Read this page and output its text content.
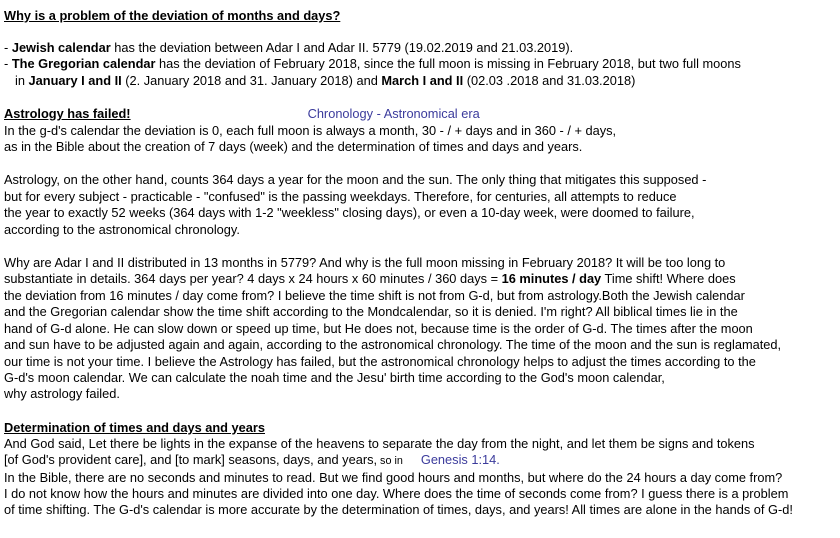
Why is a problem of the deviation of months and days?
- Jewish calendar has the deviation between Adar I and Adar II. 5779 (19.02.2019 and 21.03.2019).
- The Gregorian calendar has the deviation of February 2018, since the full moon is missing in February 2018, but two full moons
in January I and II (2. January 2018 and 31. January 2018) and March I and II (02.03 .2018 and 31.03.2018)
Astrology has failed!	Chronology - Astronomical era
In the g-d's calendar the deviation is 0, each full moon is always a month, 30 - / + days and in 360 - / + days,
as in the Bible about the creation of 7 days (week) and the determination of times and days and years.
Astrology, on the other hand, counts 364 days a year for the moon and the sun. The only thing that mitigates this supposed -
but for every subject - practicable - "confused" is the passing weekdays. Therefore, for centuries, all attempts to reduce
the year to exactly 52 weeks (364 days with 1-2 "weekless" closing days), or even a 10-day week, were doomed to failure,
according to the astronomical chronology.
Why are Adar I and II distributed in 13 months in 5779? And why is the full moon missing in February 2018? It will be too long to
substantiate in details. 364 days per year? 4 days x 24 hours x 60 minutes / 360 days = 16 minutes / day Time shift! Where does
the deviation from 16 minutes / day come from? I believe the time shift is not from G-d, but from astrology.Both the Jewish calendar
and the Gregorian calendar show the time shift according to the Mondcalendar, so it is denied. I'm right? All biblical times lie in the
hand of G-d alone. He can slow down or speed up time, but He does not, because time is the order of G-d. The times after the moon
and sun have to be adjusted again and again, according to the astronomical chronology. The time of the moon and the sun is reglamated,
our time is not your time. I believe the Astrology has failed, but the astronomical chronology helps to adjust the times according to the
G-d's moon calendar. We can calculate the noah time and the Jesu' birth time according to the God's moon calendar,
why astrology failed.
Determination of times and days and years
And God said, Let there be lights in the expanse of the heavens to separate the day from the night, and let them be signs and tokens
[of God's provident care], and [to mark] seasons, days, and years, so in Genesis 1:14.
In the Bible, there are no seconds and minutes to read. But we find good hours and months, but where do the 24 hours a day come from?
I do not know how the hours and minutes are divided into one day. Where does the time of seconds come from? I guess there is a problem
of time shifting. The G-d's calendar is more accurate by the determination of times, days, and years! All times are alone in the hands of G-d!
